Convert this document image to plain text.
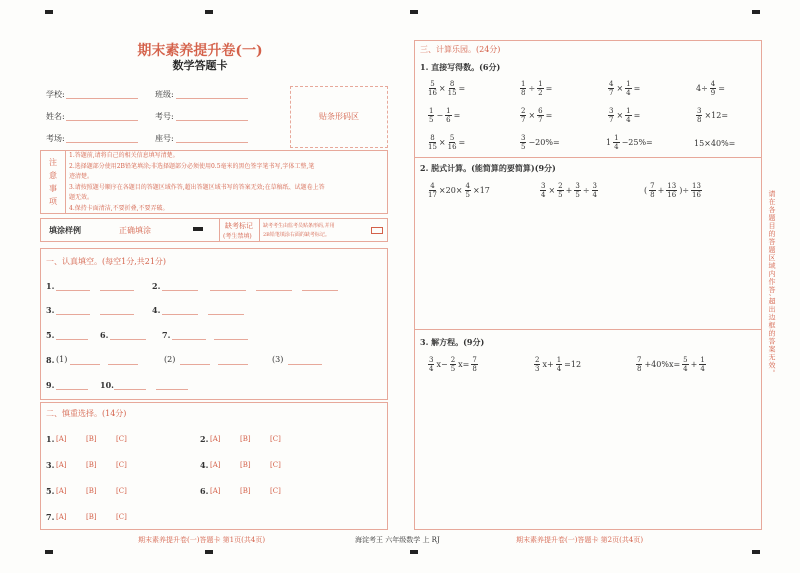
期末素养提升卷(一)
数学答题卡
学校:	班级:
姓名:	考号:
考场:	座号:
贴条形码区
注
意
事
项
1.答题前,请将自己的相关信息填写清楚。
2.选择题部分使用2B铅笔填涂;非选择题部分必须使用0.5毫米的黑色签字笔书写,字体工整,笔
迹清楚。
3.请按照题号顺序在各题目的答题区域作答,超出答题区域书写的答案无效;在草稿纸、试题卷上答
题无效。
4.保持卡面清洁,不要折叠,不要弄破。
填涂样例	正确填涂	缺考标记
(考生禁填)
缺考考生由监考员贴条形码,并用
2B铅笔填涂右面的缺考标记。
一、认真填空。(每空1分,共21分)
1.	2.
3.	4.
5.	6.	7.
8. (1)	(2)	(3)
9.	10.
二、慎重选择。(14分)
1. [A]	[B]	[C]	2. [A]	[B]	[C]
3. [A]	[B]	[C]	4. [A]	[B]	[C]
5. [A]	[B]	[C]	6. [A]	[B]	[C]
7. [A]	[B]	[C]
三、计算乐园。(24分)
1. 直接写得数。(6分)
$\frac{5}{16} \times \frac{8}{15}$ =	$\frac{1}{8} \div \frac{1}{2}$ =	$\frac{4}{7} \times \frac{1}{4}$ =	$4\div \frac{4}{9}$ =
$\frac{1}{5} - \frac{1}{6}$ =	$\frac{2}{7} \times \frac{6}{7}$ =	$\frac{3}{7} \times \frac{1}{4}$ =	$\frac{3}{8} \times 12=$
$\frac{8}{15} \times \frac{5}{16}$ =	$\frac{3}{5} -20\%=$	$1 \frac{1}{4} -25\%=$	15×40%=
2. 脱式计算。(能简算的要简算)(9分)
$\frac{4}{17} \times 20\times \frac{4}{5} \times 17$	$\frac{3}{4} \times \frac{2}{5} + \frac{3}{5} \div \frac{3}{4}$	( $\frac{7}{8} + \frac{13}{16}$ )÷ $\frac{13}{16}$
3. 解方程。(9分)
$\frac{3}{4} x- \frac{2}{5} x= \frac{7}{8}$	$\frac{2}{3} x+ \frac{1}{4} =12$	$\frac{7}{8} +40\%x= \frac{5}{4} + \frac{1}{4}$	请在各题目的答题区域内作答,超出边框的答案无效。
期末素养提升卷(一)答题卡 第1页(共4页)	海淀考王 六年级数学 上 RJ	期末素养提升卷(一)答题卡 第2页(共4页)
